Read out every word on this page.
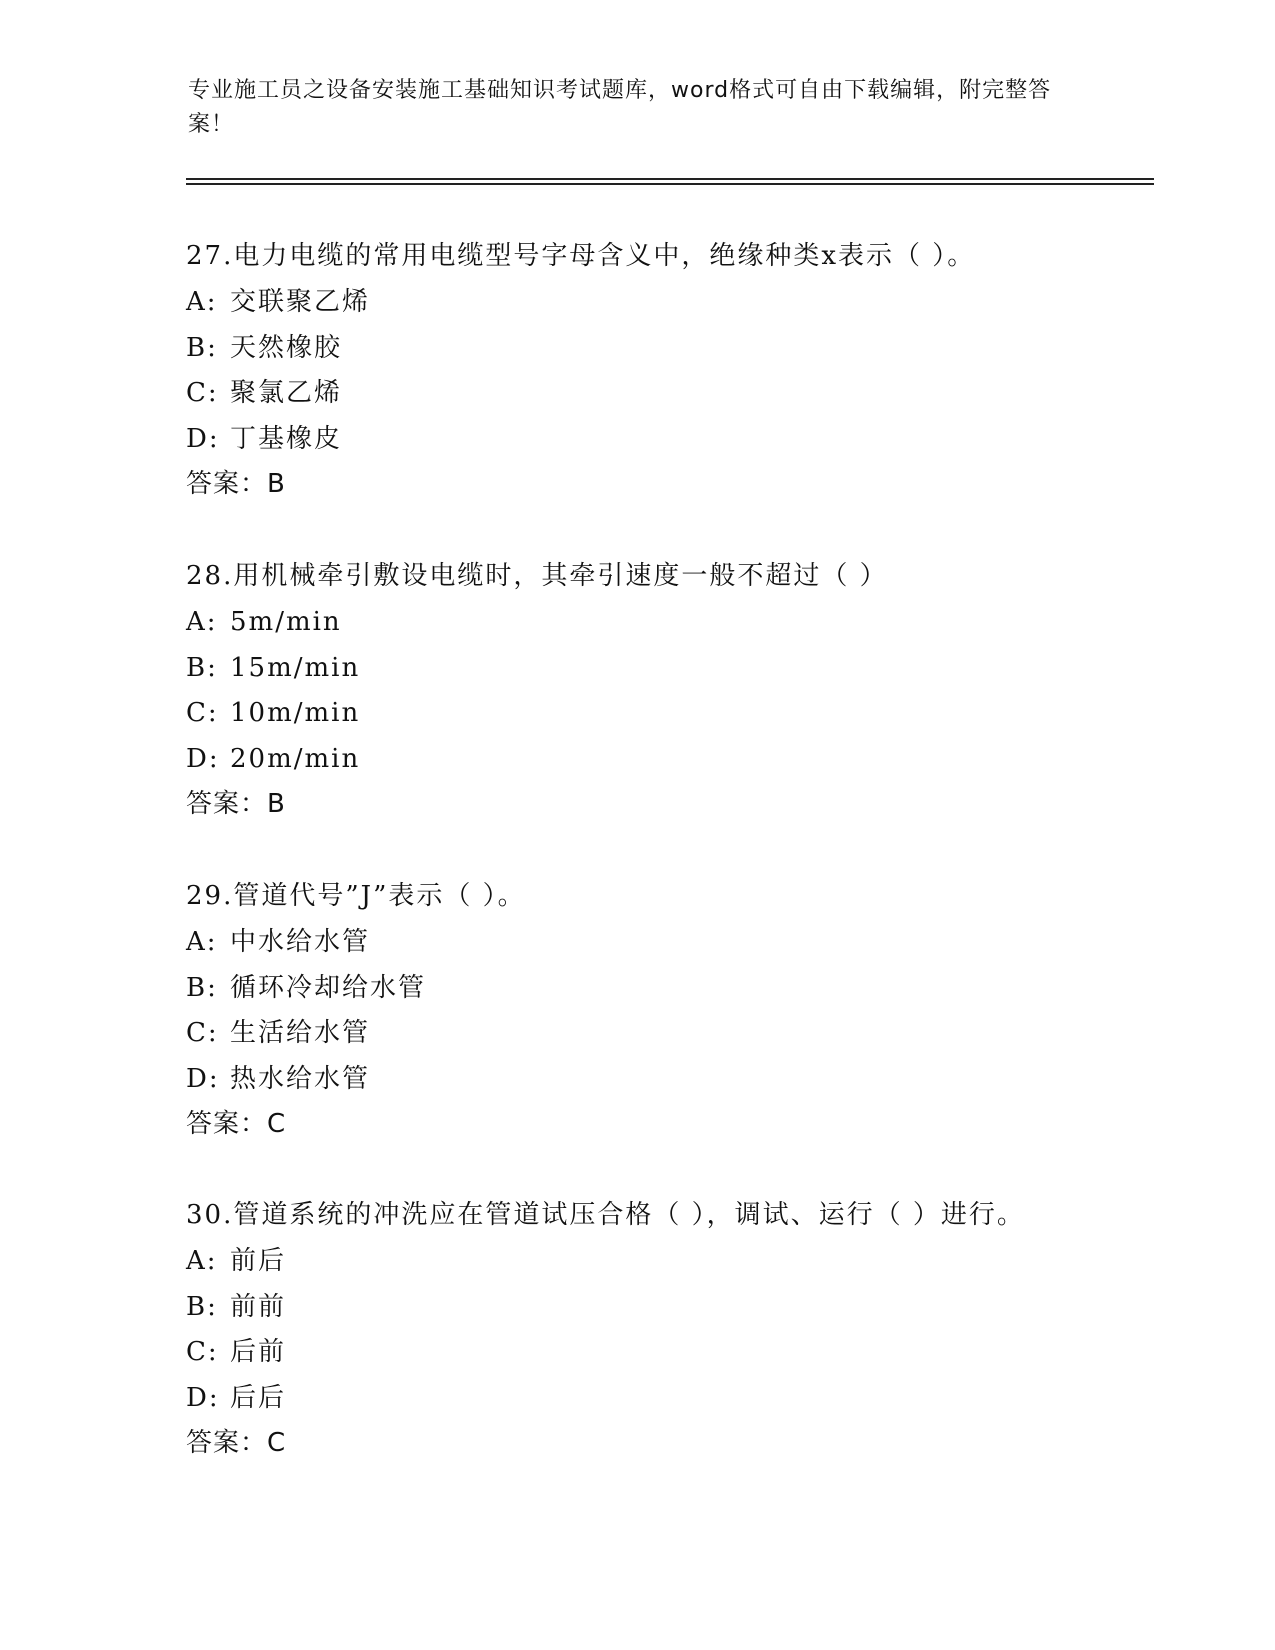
专业施工员之设备安装施工基础知识考试题库，word格式可自由下载编辑，附完整答案！
27.电力电缆的常用电缆型号字母含义中，绝缘种类x表示（ ）。
A: 交联聚乙烯
B: 天然橡胶
C: 聚氯乙烯
D: 丁基橡皮
答案：B
28.用机械牵引敷设电缆时，其牵引速度一般不超过（ ）
A: 5m/min
B: 15m/min
C: 10m/min
D: 20m/min
答案：B
29.管道代号”J”表示（ ）。
A: 中水给水管
B: 循环冷却给水管
C: 生活给水管
D: 热水给水管
答案：C
30.管道系统的冲洗应在管道试压合格（ ），调试、运行（ ）进行。
A: 前后
B: 前前
C: 后前
D: 后后
答案：C
